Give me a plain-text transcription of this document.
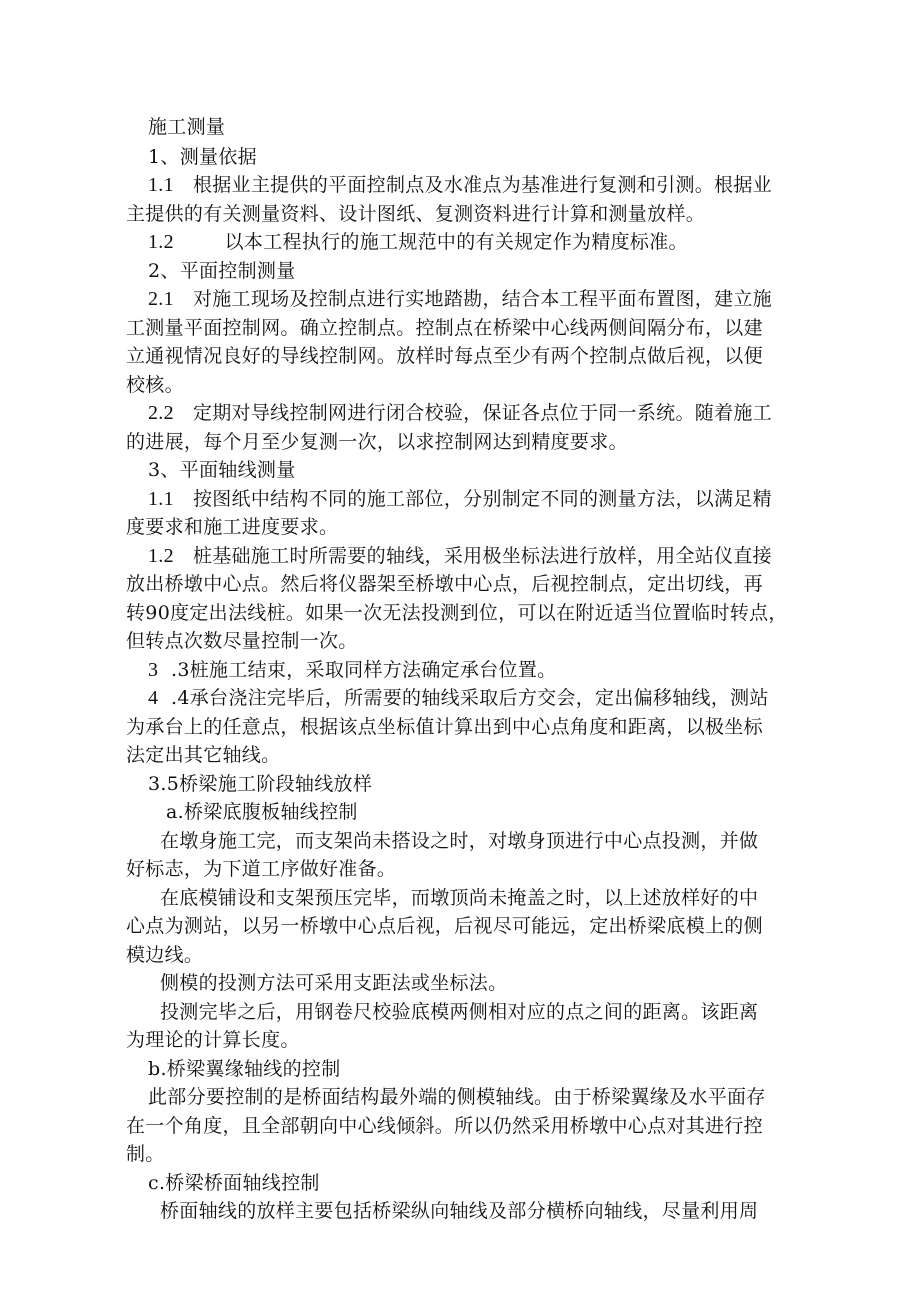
施工测量
1、测量依据
1.1 根据业主提供的平面控制点及水准点为基准进行复测和引测。根据业
主提供的有关测量资料、设计图纸、复测资料进行计算和测量放样。
1.2	以本工程执行的施工规范中的有关规定作为精度标准。
2、平面控制测量
2.1 对施工现场及控制点进行实地踏勘，结合本工程平面布置图，建立施
工测量平面控制网。确立控制点。控制点在桥梁中心线两侧间隔分布，以建
立通视情况良好的导线控制网。放样时每点至少有两个控制点做后视，以便
校核。
2.2 定期对导线控制网进行闭合校验，保证各点位于同一系统。随着施工
的进展，每个月至少复测一次，以求控制网达到精度要求。
3、平面轴线测量
1.1 按图纸中结构不同的施工部位，分别制定不同的测量方法，以满足精
度要求和施工进度要求。
1.2 桩基础施工时所需要的轴线，采用极坐标法进行放样，用全站仪直接
放出桥墩中心点。然后将仪器架至桥墩中心点，后视控制点，定出切线，再
转90度定出法线桩。如果一次无法投测到位，可以在附近适当位置临时转点，
但转点次数尽量控制一次。
3 .3桩施工结束，采取同样方法确定承台位置。
4 .4承台浇注完毕后，所需要的轴线采取后方交会，定出偏移轴线，测站
为承台上的任意点，根据该点坐标值计算出到中心点角度和距离，以极坐标
法定出其它轴线。
3.5桥梁施工阶段轴线放样
a.桥梁底腹板轴线控制
在墩身施工完，而支架尚未搭设之时，对墩身顶进行中心点投测，并做
好标志，为下道工序做好准备。
在底模铺设和支架预压完毕，而墩顶尚未掩盖之时，以上述放样好的中
心点为测站，以另一桥墩中心点后视，后视尽可能远，定出桥梁底模上的侧
模边线。
侧模的投测方法可采用支距法或坐标法。
投测完毕之后，用钢卷尺校验底模两侧相对应的点之间的距离。该距离
为理论的计算长度。
b.桥梁翼缘轴线的控制
此部分要控制的是桥面结构最外端的侧模轴线。由于桥梁翼缘及水平面存
在一个角度，且全部朝向中心线倾斜。所以仍然采用桥墩中心点对其进行控
制。
c.桥梁桥面轴线控制
桥面轴线的放样主要包括桥梁纵向轴线及部分横桥向轴线，尽量利用周
